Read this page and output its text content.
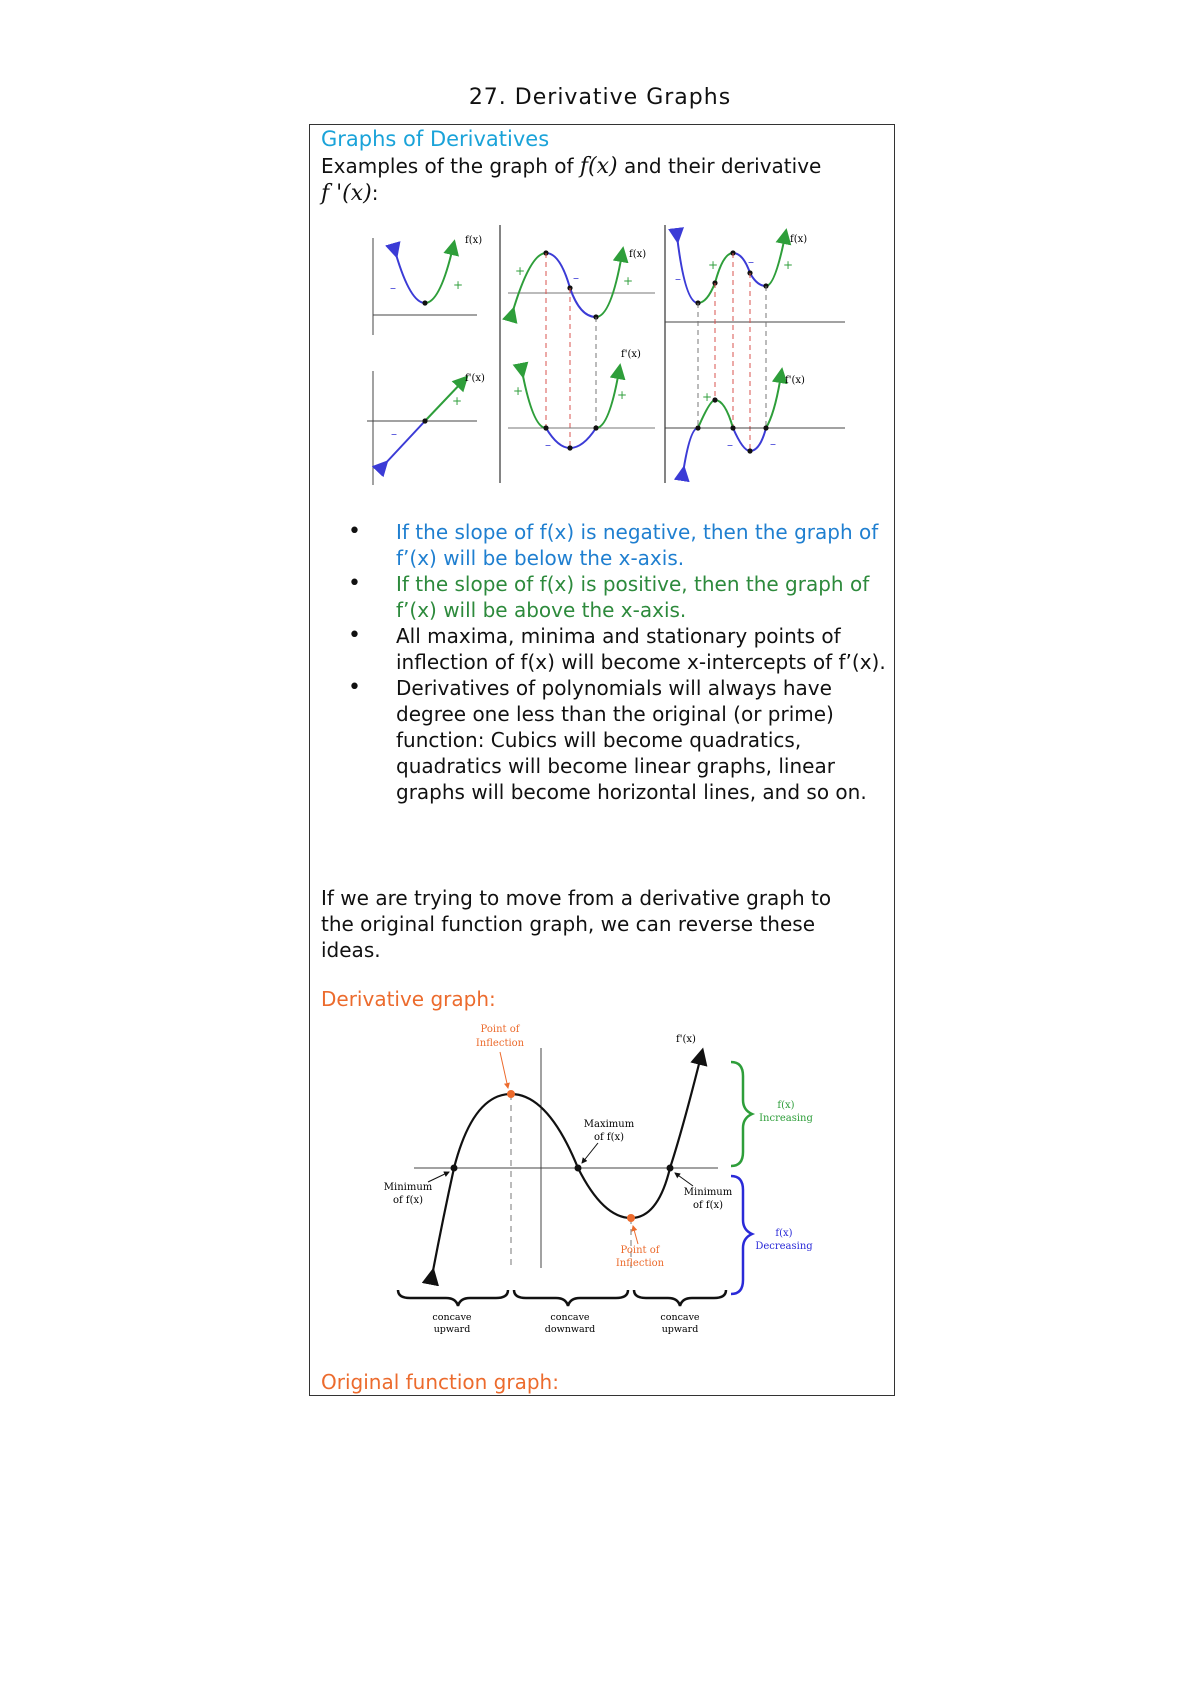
27. Derivative Graphs
Graphs of Derivatives
Examples of the graph of f(x) and their derivative
f '(x):
f(x)
–	+
f'(x)
–
+
f(x)
+	–	+
f'(x)
+
–
+
f(x)
–
+ – +
f'(x)
+
–	–
• If the slope of f(x) is negative, then the graph of f’(x) will be below the x-axis.
• If the slope of f(x) is positive, then the graph of f’(x) will be above the x-axis.
• All maxima, minima and stationary points of inflection of f(x) will become x-intercepts of f’(x).
• Derivatives of polynomials will always have degree one less than the original (or prime) function: Cubics will become quadratics, quadratics will become linear graphs, linear graphs will become horizontal lines, and so on.
If we are trying to move from a derivative graph to the original function graph, we can reverse these ideas.
Derivative graph:
Point of
Inflection	f'(x)
Maximum
of f(x)
Minimum
of f(x)
Minimum
of f(x)
Point of
Inflection
f(x)
Increasing
f(x)
Decreasing
concave
upward
concave
downward
concave
upward
Original function graph:
